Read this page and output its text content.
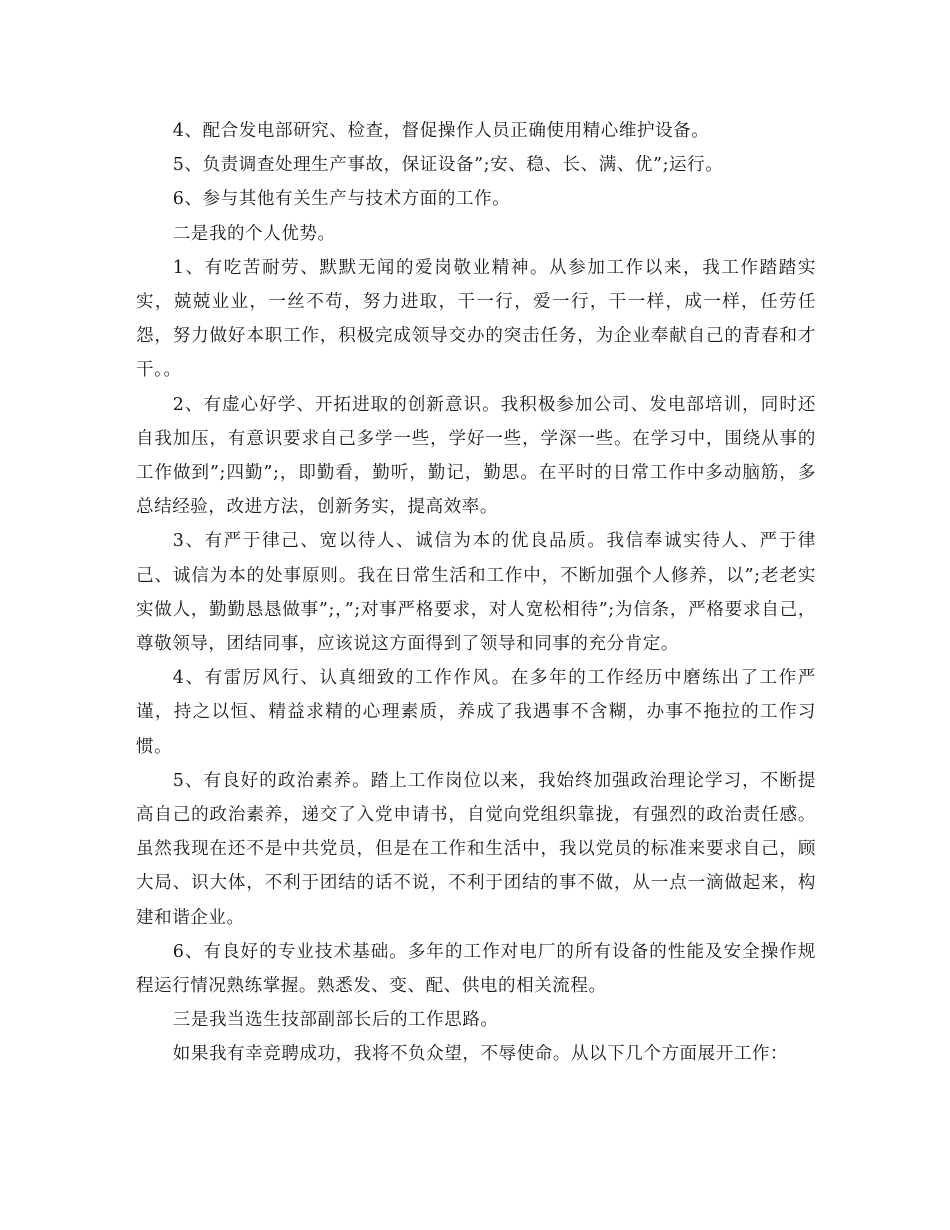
4、配合发电部研究、检查，督促操作人员正确使用精心维护设备。

5、负责调查处理生产事故，保证设备”;安、稳、长、满、优”;运行。

6、参与其他有关生产与技术方面的工作。

二是我的个人优势。

1、有吃苦耐劳、默默无闻的爱岗敬业精神。从参加工作以来，我工作踏踏实实，兢兢业业，一丝不苟，努力进取，干一行，爱一行，干一样，成一样，任劳任怨，努力做好本职工作，积极完成领导交办的突击任务，为企业奉献自己的青春和才干。。

2、有虚心好学、开拓进取的创新意识。我积极参加公司、发电部培训，同时还自我加压，有意识要求自己多学一些，学好一些，学深一些。在学习中，围绕从事的工作做到”;四勤”;，即勤看，勤听，勤记，勤思。在平时的日常工作中多动脑筋，多总结经验，改进方法，创新务实，提高效率。

3、有严于律己、宽以待人、诚信为本的优良品质。我信奉诚实待人、严于律己、诚信为本的处事原则。我在日常生活和工作中，不断加强个人修养，以”;老老实实做人，勤勤恳恳做事”;，”;对事严格要求，对人宽松相待”;为信条，严格要求自己，尊敬领导，团结同事，应该说这方面得到了领导和同事的充分肯定。

4、有雷厉风行、认真细致的工作作风。在多年的工作经历中磨练出了工作严谨，持之以恒、精益求精的心理素质，养成了我遇事不含糊，办事不拖拉的工作习惯。

5、有良好的政治素养。踏上工作岗位以来，我始终加强政治理论学习，不断提高自己的政治素养，递交了入党申请书，自觉向党组织靠拢，有强烈的政治责任感。虽然我现在还不是中共党员，但是在工作和生活中，我以党员的标准来要求自己，顾大局、识大体，不利于团结的话不说，不利于团结的事不做，从一点一滴做起来，构建和谐企业。

6、有良好的专业技术基础。多年的工作对电厂的所有设备的性能及安全操作规程运行情况熟练掌握。熟悉发、变、配、供电的相关流程。

三是我当选生技部副部长后的工作思路。

如果我有幸竞聘成功，我将不负众望，不辱使命。从以下几个方面展开工作：
